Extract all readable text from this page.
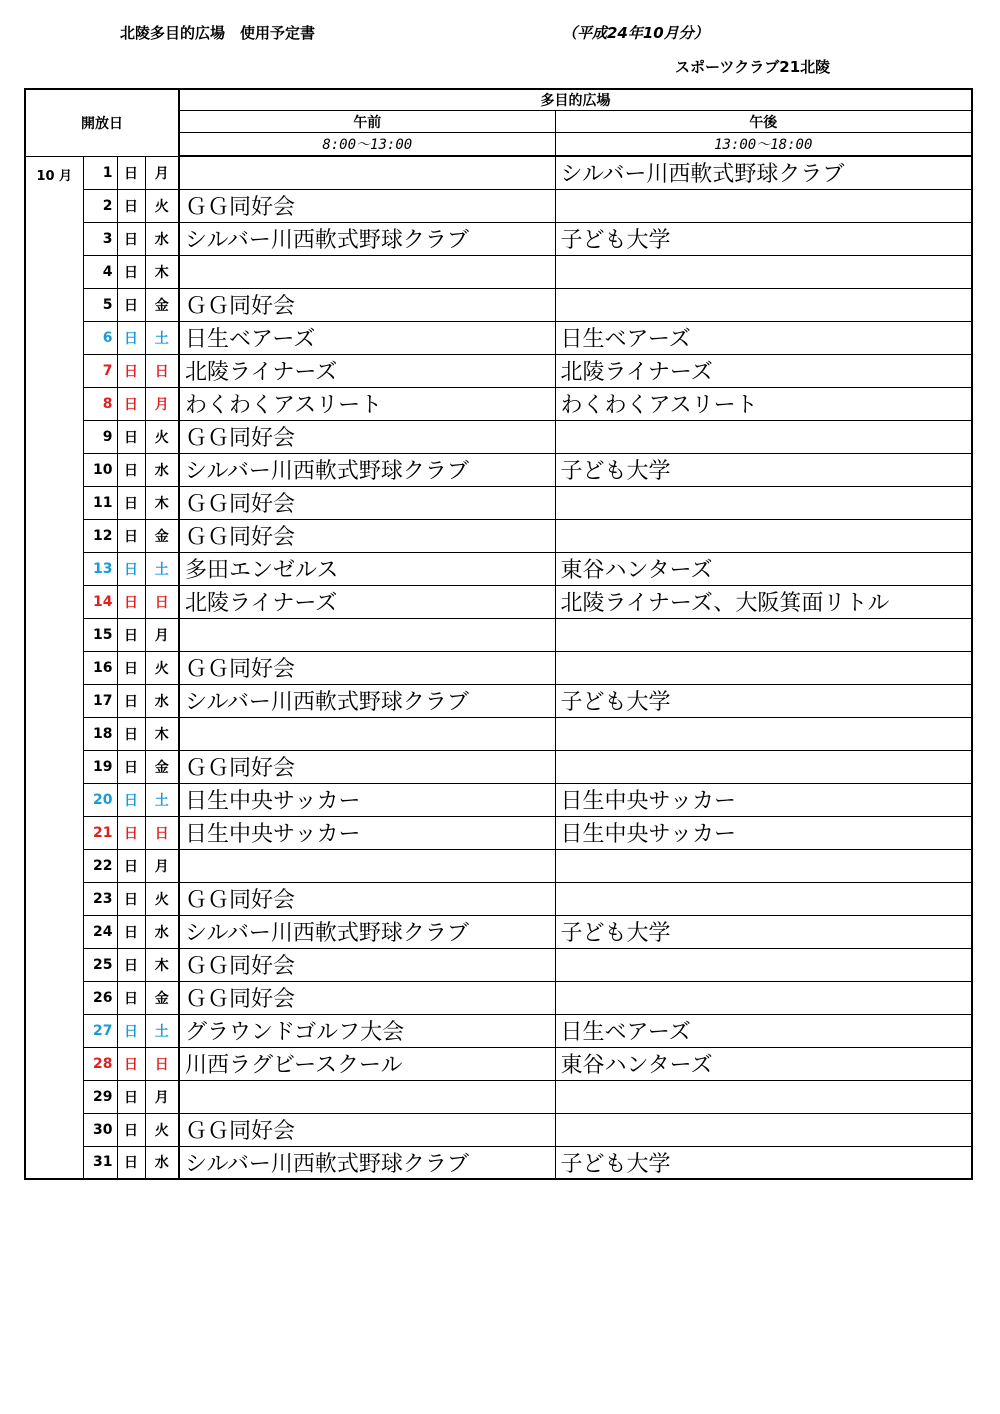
北陵多目的広場　使用予定書	（平成24年10月分）
スポーツクラブ21北陵
開放日				多目的広場	
				午前	午後
				8:00～13:00	13:00～18:00
10 月	1	日	月		シルバー川西軟式野球クラブ
	2	日	火	ＧＧ同好会	
	3	日	水	シルバー川西軟式野球クラブ	子ども大学
	4	日	木		
	5	日	金	ＧＧ同好会	
	6	日	土	日生ベアーズ	日生ベアーズ
	7	日	日	北陵ライナーズ	北陵ライナーズ
	8	日	月	わくわくアスリート	わくわくアスリート
	9	日	火	ＧＧ同好会	
	10	日	水	シルバー川西軟式野球クラブ	子ども大学
	11	日	木	ＧＧ同好会	
	12	日	金	ＧＧ同好会	
	13	日	土	多田エンゼルス	東谷ハンターズ
	14	日	日	北陵ライナーズ	北陵ライナーズ、大阪箕面リトル
	15	日	月		
	16	日	火	ＧＧ同好会	
	17	日	水	シルバー川西軟式野球クラブ	子ども大学
	18	日	木		
	19	日	金	ＧＧ同好会	
	20	日	土	日生中央サッカー	日生中央サッカー
	21	日	日	日生中央サッカー	日生中央サッカー
	22	日	月		
	23	日	火	ＧＧ同好会	
	24	日	水	シルバー川西軟式野球クラブ	子ども大学
	25	日	木	ＧＧ同好会	
	26	日	金	ＧＧ同好会	
	27	日	土	グラウンドゴルフ大会	日生ベアーズ
	28	日	日	川西ラグビースクール	東谷ハンターズ
	29	日	月		
	30	日	火	ＧＧ同好会	
	31	日	水	シルバー川西軟式野球クラブ	子ども大学
